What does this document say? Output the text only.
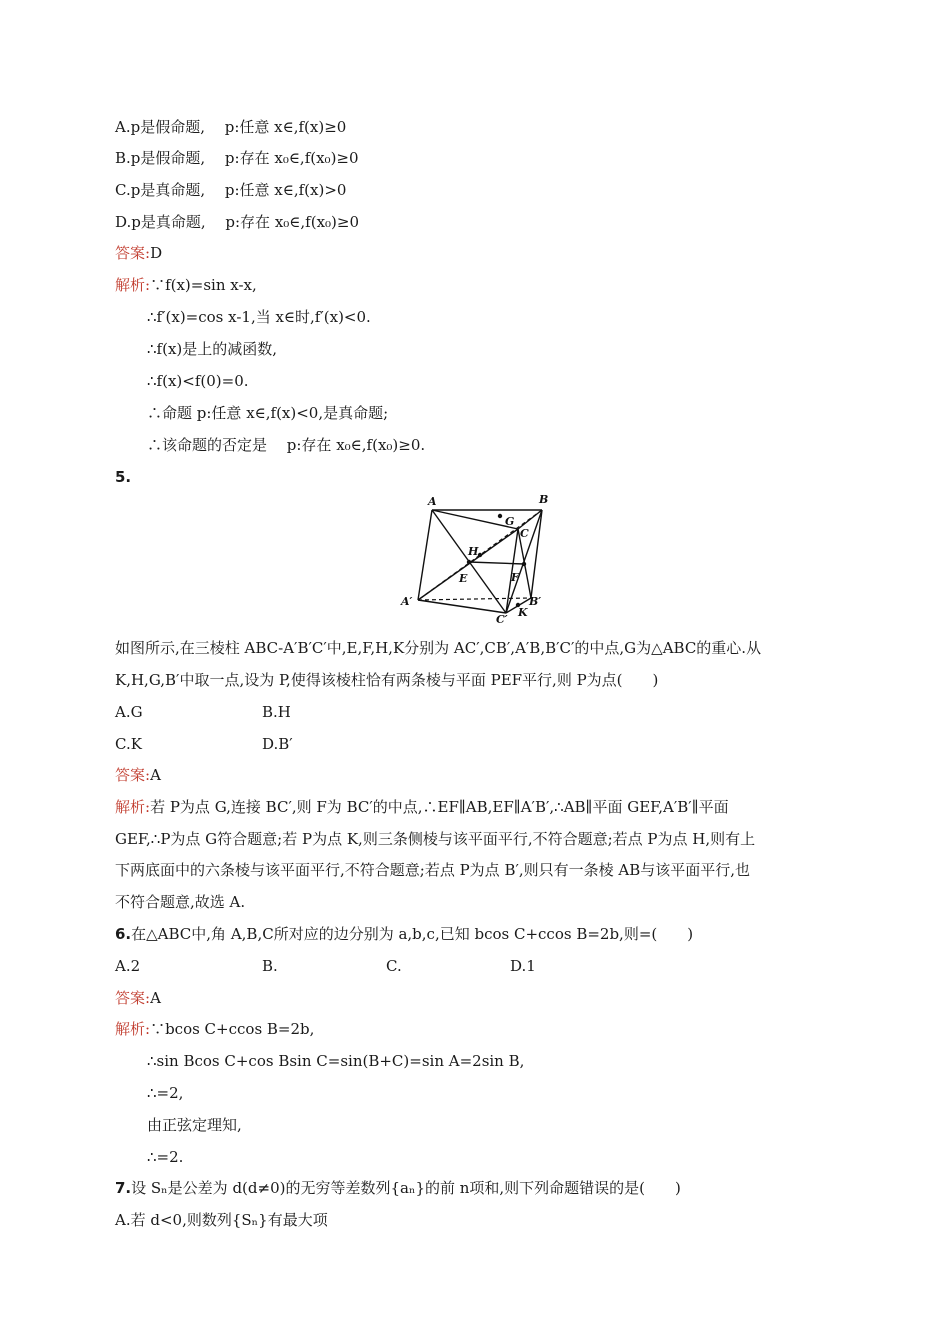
A.p是假命题,　 p:任意 x∈,f(x)≥0
B.p是假命题,　 p:存在 x₀∈,f(x₀)≥0
C.p是真命题,　 p:任意 x∈,f(x)>0
D.p是真命题,　 p:存在 x₀∈,f(x₀)≥0
答案:D
解析:∵f(x)=sin x-x,
∴f′(x)=cos x-1,当 x∈时,f′(x)<0.
∴f(x)是上的减函数,
∴f(x)<f(0)=0.
∴命题 p:任意 x∈,f(x)<0,是真命题;
∴该命题的否定是　 p:存在 x₀∈,f(x₀)≥0.
5.
A	B
C
G
H
E	F
A′	B′
C′
K
如图所示,在三棱柱 ABC-A′B′C′中,E,F,H,K分别为 AC′,CB′,A′B,B′C′的中点,G为△ABC的重心.从
K,H,G,B′中取一点,设为 P,使得该棱柱恰有两条棱与平面 PEF平行,则 P为点(　　)
A.G	B.H
C.K	D.B′
答案:A
解析:若 P为点 G,连接 BC′,则 F为 BC′的中点,∴EF∥AB,EF∥A′B′,∴AB∥平面 GEF,A′B′∥平面
GEF,∴P为点 G符合题意;若 P为点 K,则三条侧棱与该平面平行,不符合题意;若点 P为点 H,则有上
下两底面中的六条棱与该平面平行,不符合题意;若点 P为点 B′,则只有一条棱 AB与该平面平行,也
不符合题意,故选 A.
6.在△ABC中,角 A,B,C所对应的边分别为 a,b,c,已知 bcos C+ccos B=2b,则=(　　)
A.2	B.	C.	D.1
答案:A
解析:∵bcos C+ccos B=2b,
∴sin Bcos C+cos Bsin C=sin(B+C)=sin A=2sin B,
∴=2,
由正弦定理知,
∴=2.
7.设 Sₙ是公差为 d(d≠0)的无穷等差数列{aₙ}的前 n项和,则下列命题错误的是(　　)
A.若 d<0,则数列{Sₙ}有最大项
